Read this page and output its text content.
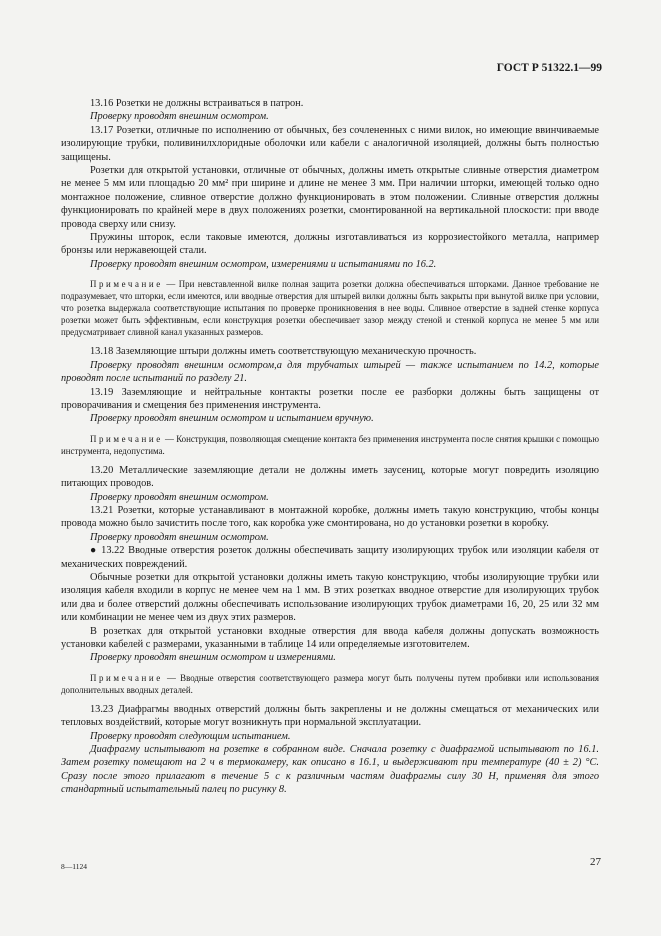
ГОСТ Р 51322.1—99

13.16 Розетки не должны встраиваться в патрон.

Проверку проводят внешним осмотром.

13.17 Розетки, отличные по исполнению от обычных, без сочлененных с ними вилок, но имеющие ввинчиваемые изолирующие трубки, поливинилхлоридные оболочки или кабели с аналогичной изоляцией, должны быть полностью защищены.

Розетки для открытой установки, отличные от обычных, должны иметь открытые сливные отверстия диаметром не менее 5 мм или площадью 20 мм² при ширине и длине не менее 3 мм. При наличии шторки, имеющей только одно монтажное положение, сливное отверстие должно функционировать в этом положении. Сливные отверстия должны функционировать по крайней мере в двух положениях розетки, смонтированной на вертикальной плоскости: при вводе провода сверху или снизу.

Пружины шторок, если таковые имеются, должны изготавливаться из коррозиестойкого металла, например бронзы или нержавеющей стали.

Проверку проводят внешним осмотром, измерениями и испытаниями по 16.2.

Примечание — При невставленной вилке полная защита розетки должна обеспечиваться шторками. Данное требование не подразумевает, что шторки, если имеются, или вводные отверстия для штырей вилки должны быть закрыты при вынутой вилке при условии, что розетка выдержала соответствующие испытания по проверке проникновения в нее воды. Сливное отверстие в задней стенке корпуса розетки может быть эффективным, если конструкция розетки обеспечивает зазор между стеной и стенкой корпуса не менее 5 мм или предусматривает сливной канал указанных размеров.

13.18 Заземляющие штыри должны иметь соответствующую механическую прочность.

Проверку проводят внешним осмотром,а для трубчатых штырей — также испытанием по 14.2, которые проводят после испытаний по разделу 21.

13.19 Заземляющие и нейтральные контакты розетки после ее разборки должны быть защищены от проворачивания и смещения без применения инструмента.

Проверку проводят внешним осмотром и испытанием вручную.

Примечание — Конструкция, позволяющая смещение контакта без применения инструмента после снятия крышки с помощью инструмента, недопустима.

13.20 Металлические заземляющие детали не должны иметь заусениц, которые могут повредить изоляцию питающих проводов.

Проверку проводят внешним осмотром.

13.21 Розетки, которые устанавливают в монтажной коробке, должны иметь такую конструкцию, чтобы концы провода можно было зачистить после того, как коробка уже смонтирована, но до установки розетки в коробку.

Проверку проводят внешним осмотром.

● 13.22 Вводные отверстия розеток должны обеспечивать защиту изолирующих трубок или изоляции кабеля от механических повреждений.

Обычные розетки для открытой установки должны иметь такую конструкцию, чтобы изолирующие трубки или изоляция кабеля входили в корпус не менее чем на 1 мм. В этих розетках вводное отверстие для изолирующих трубок или два и более отверстий должны обеспечивать использование изолирующих трубок диаметрами 16, 20, 25 или 32 мм или комбинации не менее чем из двух этих размеров.

В розетках для открытой установки входные отверстия для ввода кабеля должны допускать возможность установки кабелей с размерами, указанными в таблице 14 или определяемые изготовителем.

Проверку проводят внешним осмотром и измерениями.

Примечание — Вводные отверстия соответствующего размера могут быть получены путем пробивки или использования дополнительных вводных деталей.

13.23 Диафрагмы вводных отверстий должны быть закреплены и не должны смещаться от механических или тепловых воздействий, которые могут возникнуть при нормальной эксплуатации.

Проверку проводят следующим испытанием.

Диафрагму испытывают на розетке в собранном виде. Сначала розетку с диафрагмой испытывают по 16.1. Затем розетку помещают на 2 ч в термокамеру, как описано в 16.1, и выдерживают при температуре (40 ± 2) °С. Сразу после этого прилагают в течение 5 с к различным частям диафрагмы силу 30 Н, применяя для этого стандартный испытательный палец по рисунку 8.

8—1124	27
